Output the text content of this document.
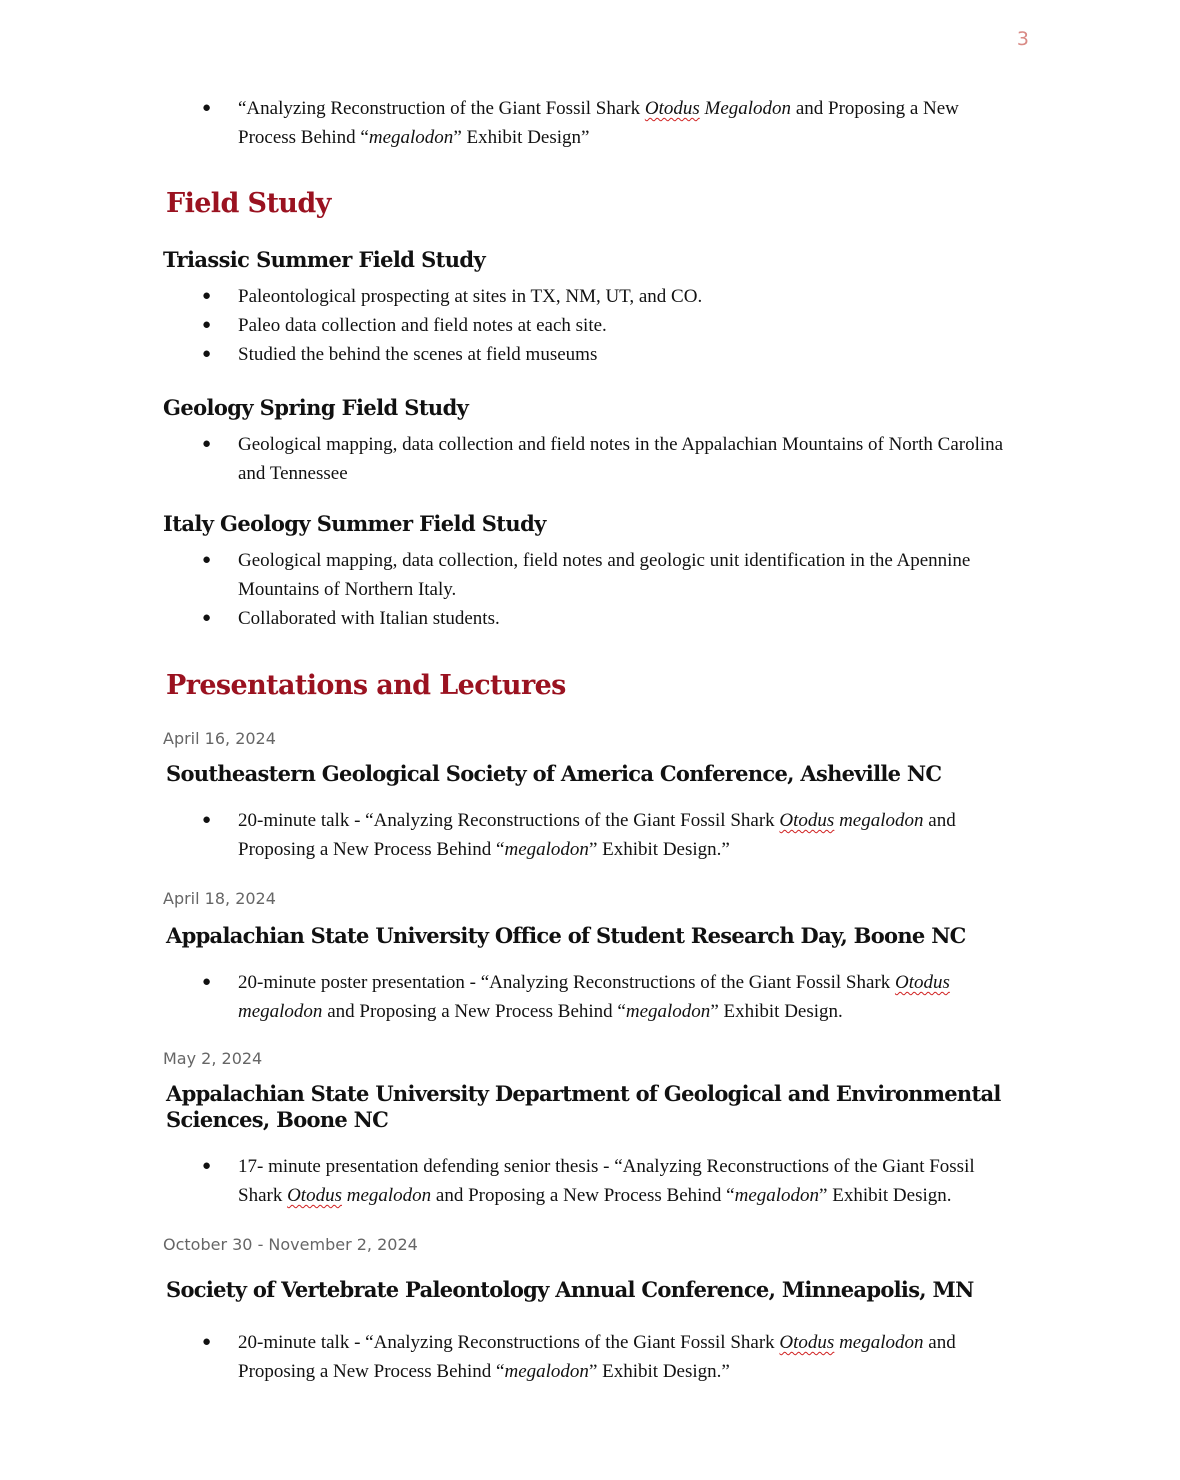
3
● “Analyzing Reconstruction of the Giant Fossil Shark Otodus Megalodon and Proposing a New Process Behind “megalodon” Exhibit Design”
Field Study
Triassic Summer Field Study
● Paleontological prospecting at sites in TX, NM, UT, and CO.
● Paleo data collection and field notes at each site.
● Studied the behind the scenes at field museums
Geology Spring Field Study
● Geological mapping, data collection and field notes in the Appalachian Mountains of North Carolina and Tennessee
Italy Geology Summer Field Study
● Geological mapping, data collection, field notes and geologic unit identification in the Apennine Mountains of Northern Italy.
● Collaborated with Italian students.
Presentations and Lectures
April 16, 2024
Southeastern Geological Society of America Conference, Asheville NC
● 20-minute talk - “Analyzing Reconstructions of the Giant Fossil Shark Otodus megalodon and Proposing a New Process Behind “megalodon” Exhibit Design.”
April 18, 2024
Appalachian State University Office of Student Research Day, Boone NC
● 20-minute poster presentation - “Analyzing Reconstructions of the Giant Fossil Shark Otodus megalodon and Proposing a New Process Behind “megalodon” Exhibit Design.
May 2, 2024
Appalachian State University Department of Geological and Environmental Sciences, Boone NC
● 17- minute presentation defending senior thesis - “Analyzing Reconstructions of the Giant Fossil Shark Otodus megalodon and Proposing a New Process Behind “megalodon” Exhibit Design.
October 30 - November 2, 2024
Society of Vertebrate Paleontology Annual Conference, Minneapolis, MN
● 20-minute talk - “Analyzing Reconstructions of the Giant Fossil Shark Otodus megalodon and Proposing a New Process Behind “megalodon” Exhibit Design.”
